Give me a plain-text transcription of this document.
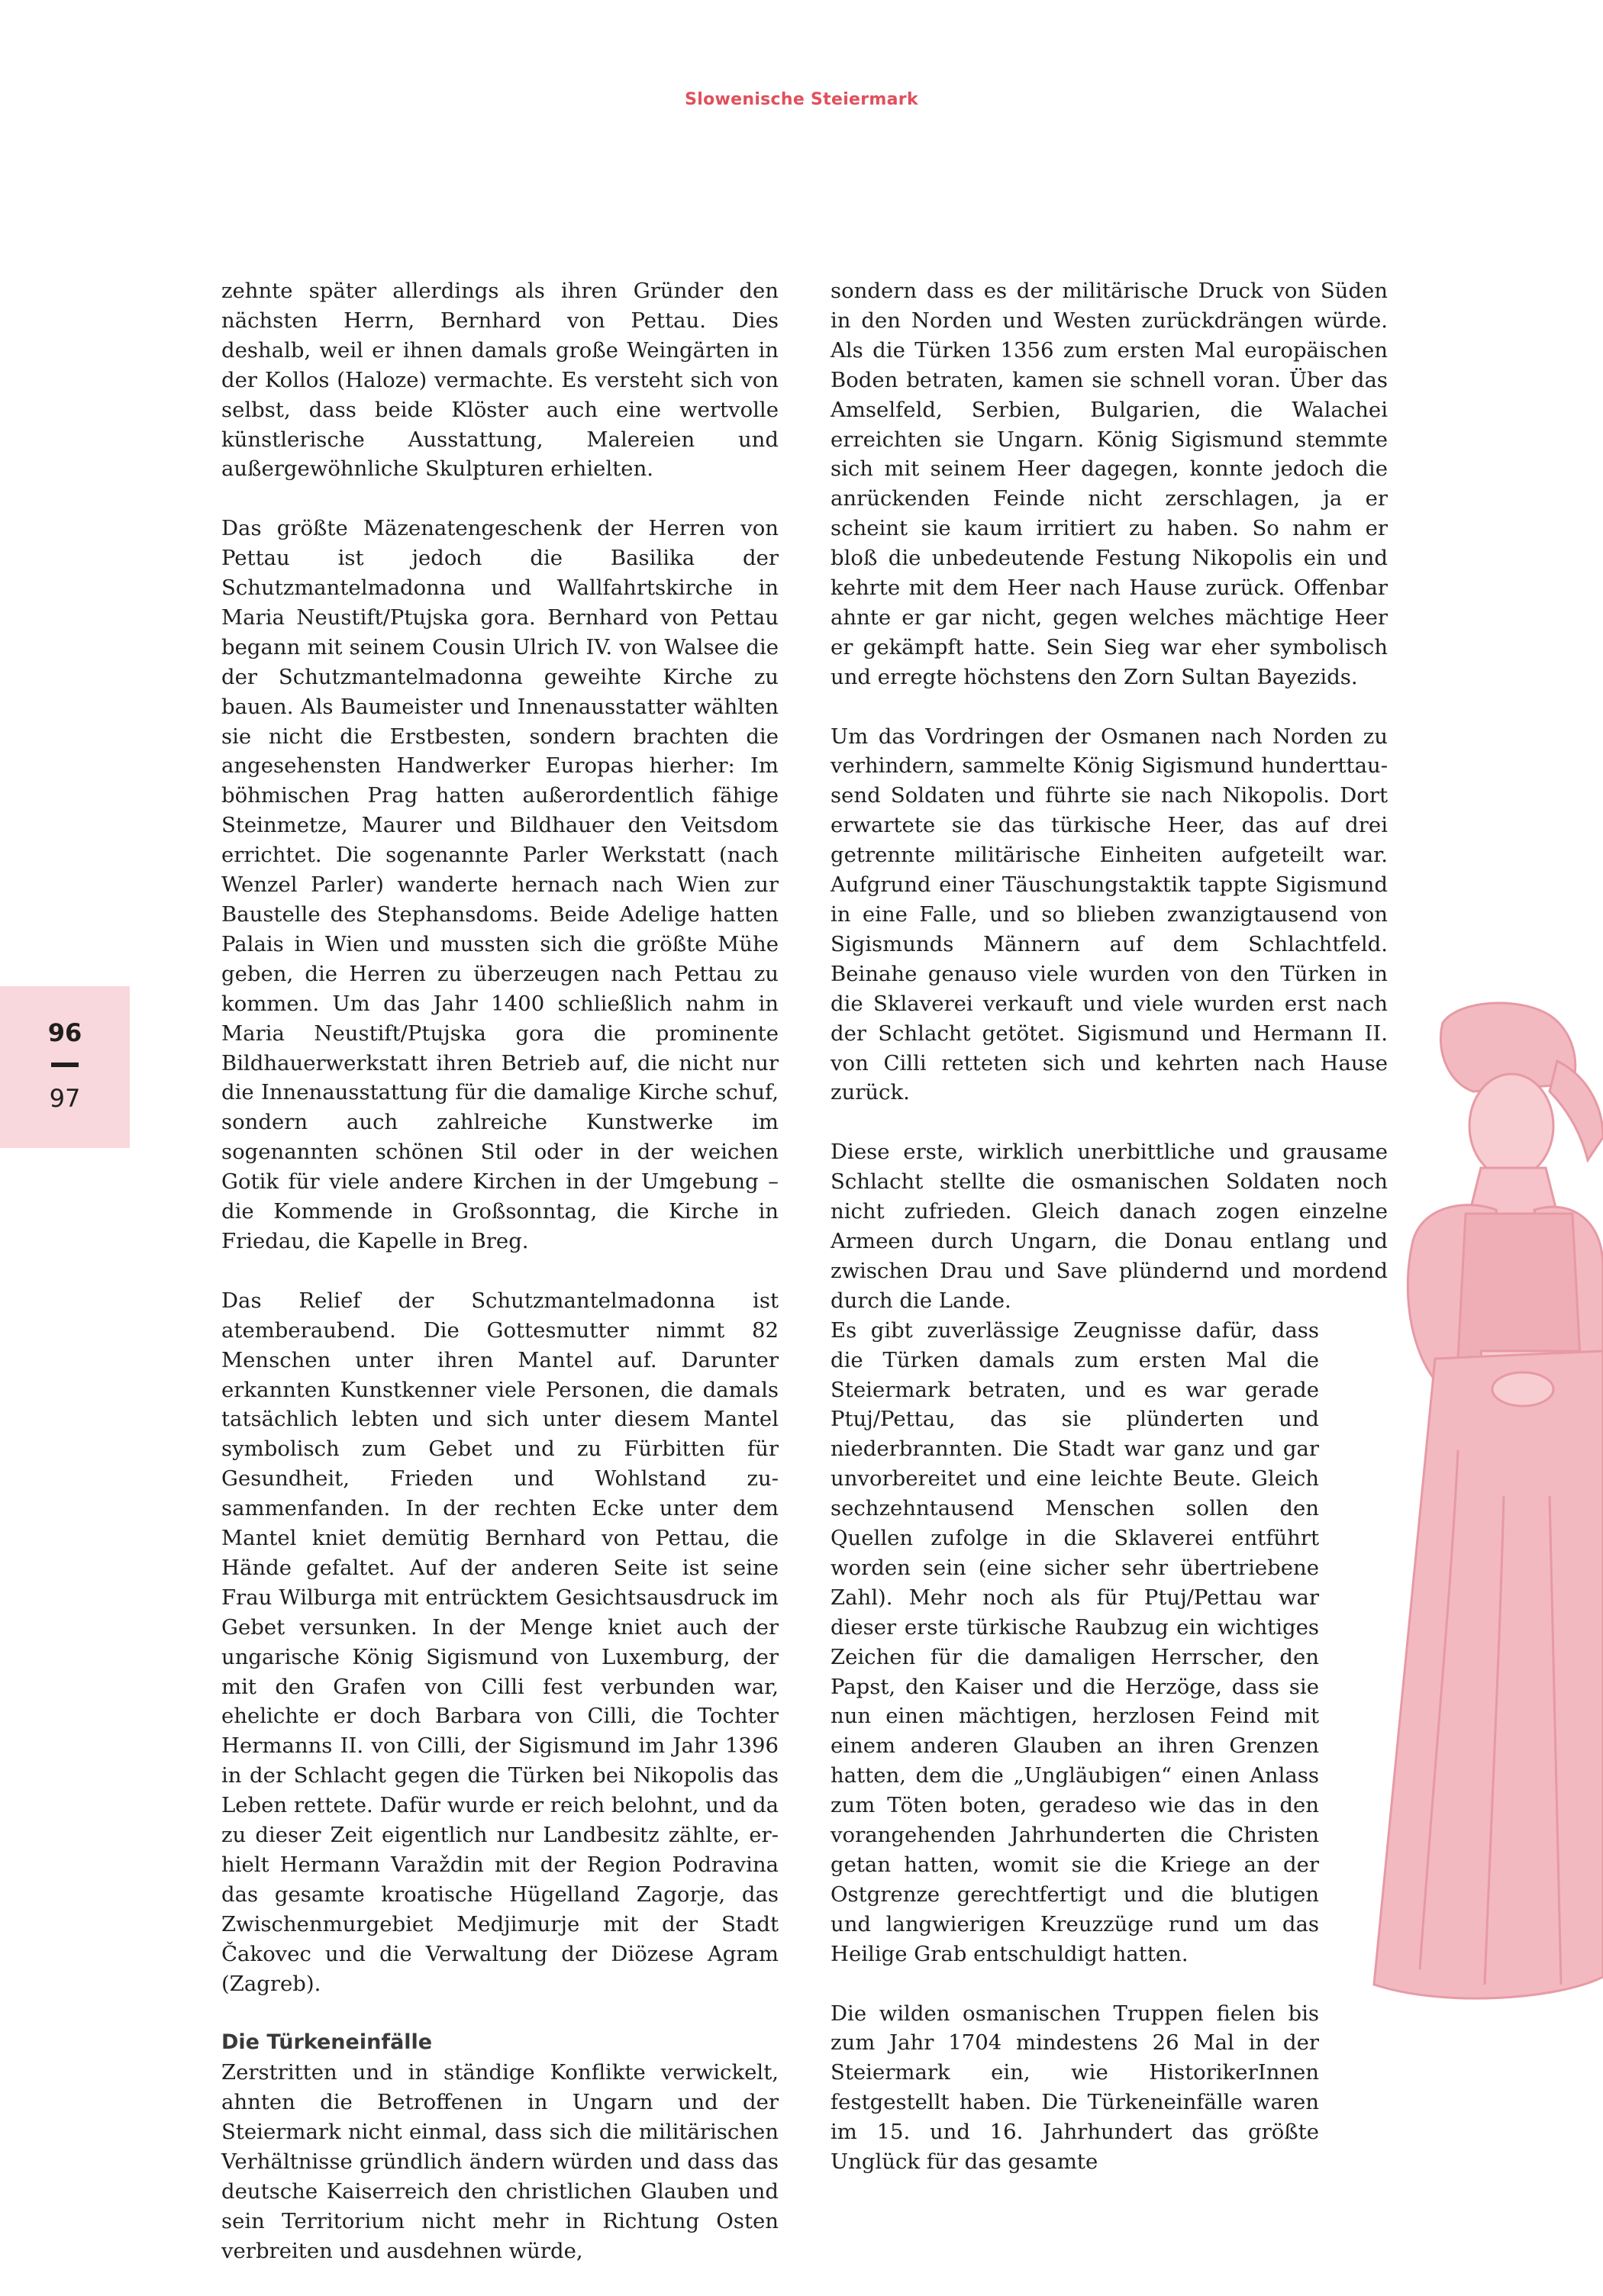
Slowenische Steiermark
96
97

zehnte später allerdings als ihren Gründer den nächsten Herrn, Bernhard von Pettau. Dies deshalb, weil er ihnen damals große Weingärten in der Kollos (Haloze) vermachte. Es versteht sich von selbst, dass beide Klöster auch eine wertvolle künstlerische Ausstattung, Malereien und außergewöhnliche Skulpturen erhielten.

Das größte Mäzenatengeschenk der Herren von Pettau ist jedoch die Basilika der Schutzmantelmadonna und Wallfahrtskirche in Maria Neustift/Ptujska gora. Bernhard von Pettau begann mit seinem Cousin Ulrich IV. von Walsee die der Schutzmantelmadonna geweihte Kirche zu bauen. Als Baumeister und Innenausstatter wählten sie nicht die Erstbesten, sondern brachten die angesehensten Handwerker Europas hierher: Im böhmischen Prag hatten außerordentlich fähige Steinmetze, Maurer und Bildhauer den Veitsdom errichtet. Die sogenannte Parler Werkstatt (nach Wenzel Parler) wanderte hernach nach Wien zur Baustelle des Stephansdoms. Beide Adelige hatten Palais in Wien und mussten sich die größte Mühe geben, die Herren zu überzeugen nach Pettau zu kommen. Um das Jahr 1400 schließlich nahm in Maria Neustift/Ptujska gora die prominente Bildhauerwerkstatt ihren Betrieb auf, die nicht nur die Innenausstattung für die damalige Kirche schuf, sondern auch zahlreiche Kunstwerke im sogenannten schönen Stil oder in der weichen Gotik für viele andere Kirchen in der Umgebung – die Kommende in Großsonntag, die Kirche in Friedau, die Kapelle in Breg.

Das Relief der Schutzmantelmadonna ist atemberaubend. Die Gottesmutter nimmt 82 Menschen unter ihren Mantel auf. Darunter erkannten Kunstkenner viele Personen, die damals tatsächlich lebten und sich unter diesem Mantel symbolisch zum Gebet und zu Fürbitten für Gesundheit, Frieden und Wohlstand zusammenfanden. In der rechten Ecke unter dem Mantel kniet demütig Bernhard von Pettau, die Hände gefaltet. Auf der anderen Seite ist seine Frau Wilburga mit entrücktem Gesichtsausdruck im Gebet versunken. In der Menge kniet auch der ungarische König Sigismund von Luxemburg, der mit den Grafen von Cilli fest verbunden war, ehelichte er doch Barbara von Cilli, die Tochter Hermanns II. von Cilli, der Sigismund im Jahr 1396 in der Schlacht gegen die Türken bei Nikopolis das Leben rettete. Dafür wurde er reich belohnt, und da zu dieser Zeit eigentlich nur Landbesitz zählte, erhielt Hermann Varaždin mit der Region Podravina das gesamte kroatische Hügelland Zagorje, das Zwischenmurgebiet Medjimurje mit der Stadt Čakovec und die Verwaltung der Diözese Agram (Zagreb).

Die Türkeneinfälle

Zerstritten und in ständige Konflikte verwickelt, ahnten die Betroffenen in Ungarn und der Steiermark nicht einmal, dass sich die militärischen Verhältnisse gründlich ändern würden und dass das deutsche Kaiserreich den christlichen Glauben und sein Territorium nicht mehr in Richtung Osten verbreiten und ausdehnen würde,

sondern dass es der militärische Druck von Süden in den Norden und Westen zurückdrängen würde. Als die Türken 1356 zum ersten Mal europäischen Boden betraten, kamen sie schnell voran. Über das Amselfeld, Serbien, Bulgarien, die Walachei erreichten sie Ungarn. König Sigismund stemmte sich mit seinem Heer dagegen, konnte jedoch die anrückenden Feinde nicht zerschlagen, ja er scheint sie kaum irritiert zu haben. So nahm er bloß die unbedeutende Festung Nikopolis ein und kehrte mit dem Heer nach Hause zurück. Offenbar ahnte er gar nicht, gegen welches mächtige Heer er gekämpft hatte. Sein Sieg war eher symbolisch und erregte höchstens den Zorn Sultan Bayezids.

Um das Vordringen der Osmanen nach Norden zu verhindern, sammelte König Sigismund hunderttausend Soldaten und führte sie nach Nikopolis. Dort erwartete sie das türkische Heer, das auf drei getrennte militärische Einheiten aufgeteilt war. Aufgrund einer Täuschungstaktik tappte Sigismund in eine Falle, und so blieben zwanzigtausend von Sigismunds Männern auf dem Schlachtfeld. Beinahe genauso viele wurden von den Türken in die Sklaverei verkauft und viele wurden erst nach der Schlacht getötet. Sigismund und Hermann II. von Cilli retteten sich und kehrten nach Hause zurück.

Diese erste, wirklich unerbittliche und grausame Schlacht stellte die osmanischen Soldaten noch nicht zufrieden. Gleich danach zogen einzelne Armeen durch Ungarn, die Donau entlang und zwischen Drau und Save plündernd und mordend durch die Lande.

Es gibt zuverlässige Zeugnisse dafür, dass die Türken damals zum ersten Mal die Steiermark betraten, und es war gerade Ptuj/Pettau, das sie plünderten und niederbrannten. Die Stadt war ganz und gar unvorbereitet und eine leichte Beute. Gleich sechzehntausend Menschen sollen den Quellen zufolge in die Sklaverei entführt worden sein (eine sicher sehr übertriebene Zahl). Mehr noch als für Ptuj/Pettau war dieser erste türkische Raubzug ein wichtiges Zeichen für die damaligen Herrscher, den Papst, den Kaiser und die Herzöge, dass sie nun einen mächtigen, herzlosen Feind mit einem anderen Glauben an ihren Grenzen hatten, dem die „Ungläubigen“ einen Anlass zum Töten boten, geradeso wie das in den vorangehenden Jahrhunderten die Christen getan hatten, womit sie die Kriege an der Ostgrenze gerechtfertigt und die blutigen und langwierigen Kreuzzüge rund um das Heilige Grab entschuldigt hatten.

Die wilden osmanischen Truppen fielen bis zum Jahr 1704 mindestens 26 Mal in der Steiermark ein, wie HistorikerInnen festgestellt haben. Die Türkeneinfälle waren im 15. und 16. Jahrhundert das größte Unglück für das gesamte
